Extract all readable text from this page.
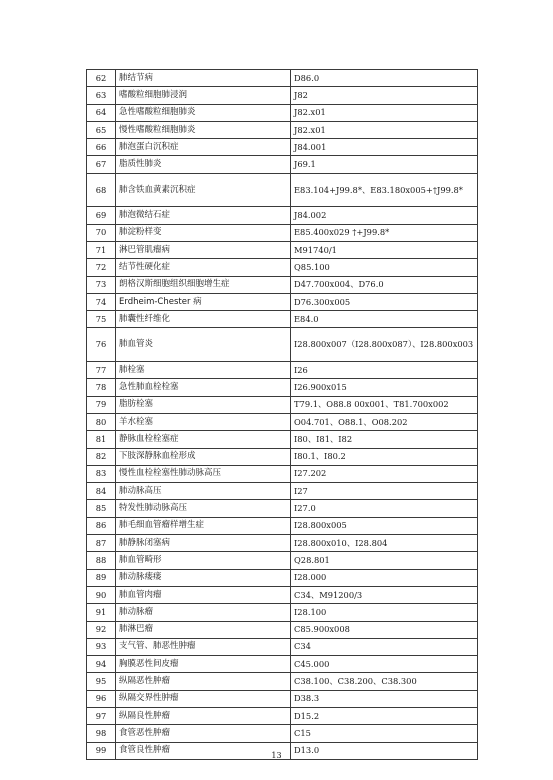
62	肺结节病	D86.0
63	嗜酸粒细胞肺浸润	J82
64	急性嗜酸粒细胞肺炎	J82.x01
65	慢性嗜酸粒细胞肺炎	J82.x01
66	肺泡蛋白沉积症	J84.001
67	脂质性肺炎	J69.1
68	肺含铁血黄素沉积症	E83.104+J99.8*、E83.180x005+†J99.8*
69	肺泡微结石症	J84.002
70	肺淀粉样变	E85.400x029 †+J99.8*
71	淋巴管肌瘤病	M91740/1
72	结节性硬化症	Q85.100
73	朗格汉斯细胞组织细胞增生症	D47.700x004、D76.0
74	Erdheim-Chester 病	D76.300x005
75	肺囊性纤维化	E84.0
76	肺血管炎	I28.800x007（I28.800x087）、I28.800x003
77	肺栓塞	I26
78	急性肺血栓栓塞	I26.900x015
79	脂肪栓塞	T79.1、O88.8 00x001、T81.700x002
80	羊水栓塞	O04.701、O88.1、O08.202
81	静脉血栓栓塞症	I80、I81、I82
82	下肢深静脉血栓形成	I80.1、I80.2
83	慢性血栓栓塞性肺动脉高压	I27.202
84	肺动脉高压	I27
85	特发性肺动脉高压	I27.0
86	肺毛细血管瘤样增生症	I28.800x005
87	肺静脉闭塞病	I28.800x010、I28.804
88	肺血管畸形	Q28.801
89	肺动脉瘘瘘	I28.000
90	肺血管肉瘤	C34、M91200/3
91	肺动脉瘤	I28.100
92	肺淋巴瘤	C85.900x008
93	支气管、肺恶性肿瘤	C34
94	胸膜恶性间皮瘤	C45.000
95	纵隔恶性肿瘤	C38.100、C38.200、C38.300
96	纵隔交界性肿瘤	D38.3
97	纵隔良性肿瘤	D15.2
98	食管恶性肿瘤	C15
99	食管良性肿瘤	D13.0
13
